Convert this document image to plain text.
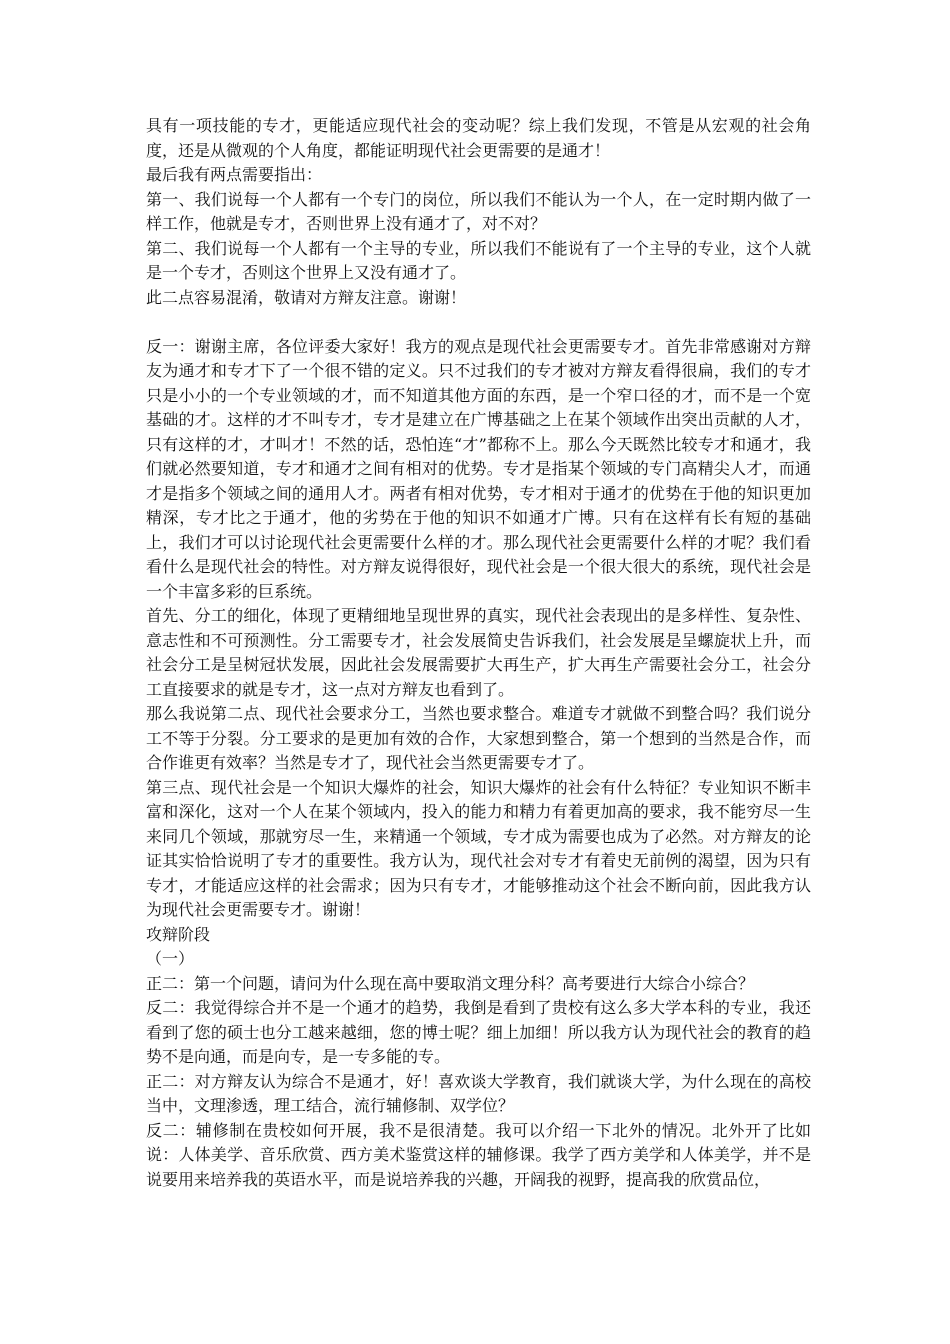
具有一项技能的专才，更能适应现代社会的变动呢？综上我们发现，不管是从宏观的社会角度，还是从微观的个人角度，都能证明现代社会更需要的是通才！

最后我有两点需要指出：

第一、我们说每一个人都有一个专门的岗位，所以我们不能认为一个人，在一定时期内做了一样工作，他就是专才，否则世界上没有通才了，对不对？

第二、我们说每一个人都有一个主导的专业，所以我们不能说有了一个主导的专业，这个人就是一个专才，否则这个世界上又没有通才了。

此二点容易混淆，敬请对方辩友注意。谢谢！

反一：谢谢主席，各位评委大家好！我方的观点是现代社会更需要专才。首先非常感谢对方辩友为通才和专才下了一个很不错的定义。只不过我们的专才被对方辩友看得很扁，我们的专才只是小小的一个专业领域的才，而不知道其他方面的东西，是一个窄口径的才，而不是一个宽基础的才。这样的才不叫专才，专才是建立在广博基础之上在某个领域作出突出贡献的人才，只有这样的才，才叫才！不然的话，恐怕连“才”都称不上。那么今天既然比较专才和通才，我们就必然要知道，专才和通才之间有相对的优势。专才是指某个领域的专门高精尖人才，而通才是指多个领域之间的通用人才。两者有相对优势，专才相对于通才的优势在于他的知识更加精深，专才比之于通才，他的劣势在于他的知识不如通才广博。只有在这样有长有短的基础上，我们才可以讨论现代社会更需要什么样的才。那么现代社会更需要什么样的才呢？我们看看什么是现代社会的特性。对方辩友说得很好，现代社会是一个很大很大的系统，现代社会是一个丰富多彩的巨系统。

首先、分工的细化，体现了更精细地呈现世界的真实，现代社会表现出的是多样性、复杂性、意志性和不可预测性。分工需要专才，社会发展简史告诉我们，社会发展是呈螺旋状上升，而社会分工是呈树冠状发展，因此社会发展需要扩大再生产，扩大再生产需要社会分工，社会分工直接要求的就是专才，这一点对方辩友也看到了。

那么我说第二点、现代社会要求分工，当然也要求整合。难道专才就做不到整合吗？我们说分工不等于分裂。分工要求的是更加有效的合作，大家想到整合，第一个想到的当然是合作，而合作谁更有效率？当然是专才了，现代社会当然更需要专才了。

第三点、现代社会是一个知识大爆炸的社会，知识大爆炸的社会有什么特征？专业知识不断丰富和深化，这对一个人在某个领域内，投入的能力和精力有着更加高的要求，我不能穷尽一生来同几个领域，那就穷尽一生，来精通一个领域，专才成为需要也成为了必然。对方辩友的论证其实恰恰说明了专才的重要性。我方认为，现代社会对专才有着史无前例的渴望，因为只有专才，才能适应这样的社会需求；因为只有专才，才能够推动这个社会不断向前，因此我方认为现代社会更需要专才。谢谢！

攻辩阶段

（一）

正二：第一个问题，请问为什么现在高中要取消文理分科？高考要进行大综合小综合？

反二：我觉得综合并不是一个通才的趋势，我倒是看到了贵校有这么多大学本科的专业，我还看到了您的硕士也分工越来越细，您的博士呢？细上加细！所以我方认为现代社会的教育的趋势不是向通，而是向专，是一专多能的专。

正二：对方辩友认为综合不是通才，好！喜欢谈大学教育，我们就谈大学，为什么现在的高校当中，文理渗透，理工结合，流行辅修制、双学位？

反二：辅修制在贵校如何开展，我不是很清楚。我可以介绍一下北外的情况。北外开了比如说：人体美学、音乐欣赏、西方美术鉴赏这样的辅修课。我学了西方美学和人体美学，并不是说要用来培养我的英语水平，而是说培养我的兴趣，开阔我的视野，提高我的欣赏品位，
